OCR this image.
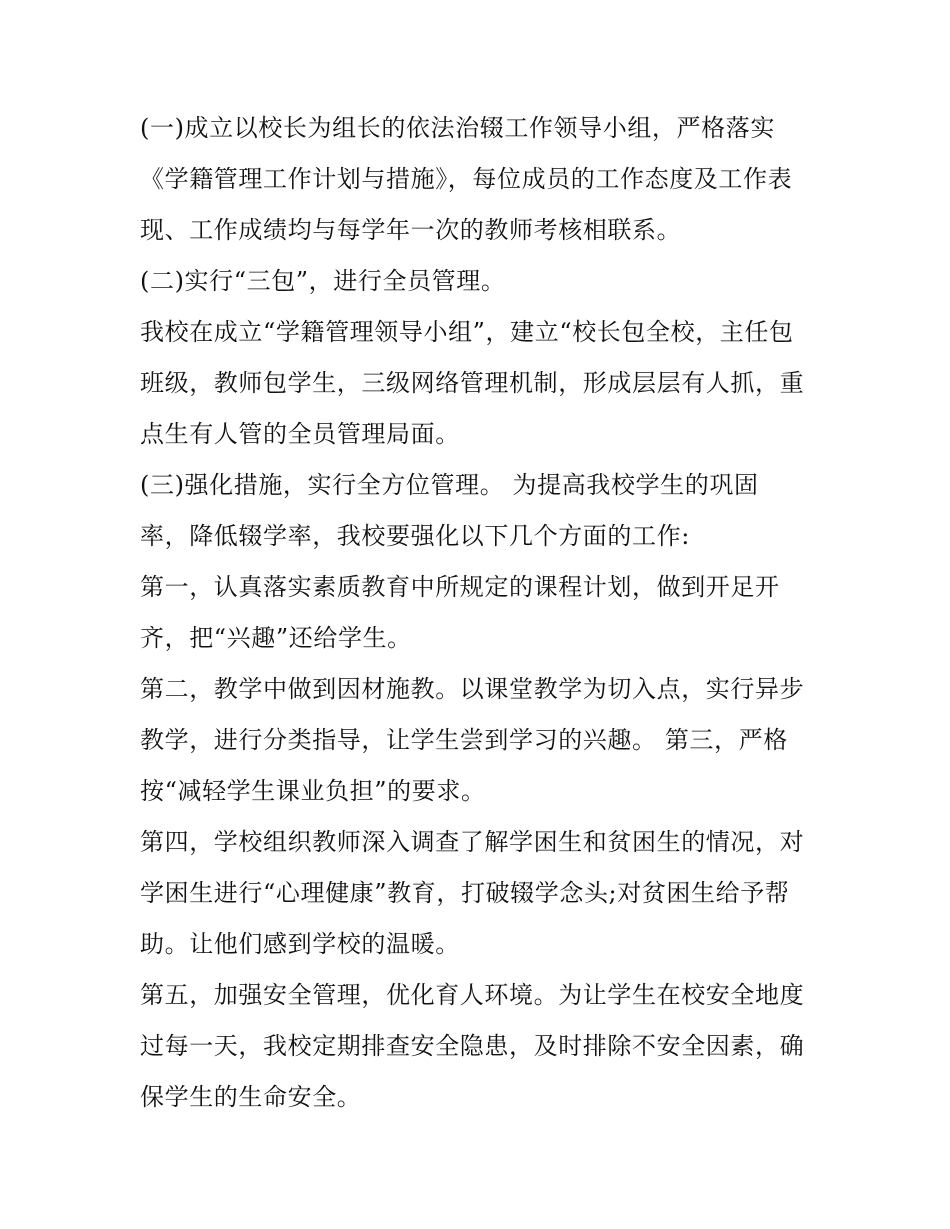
(一)成立以校长为组长的依法治辍工作领导小组，严格落实
《学籍管理工作计划与措施》，每位成员的工作态度及工作表
现、工作成绩均与每学年一次的教师考核相联系。
(二)实行“三包”，进行全员管理。
我校在成立“学籍管理领导小组”，建立“校长包全校，主任包
班级，教师包学生，三级网络管理机制，形成层层有人抓，重
点生有人管的全员管理局面。
(三)强化措施，实行全方位管理。 为提高我校学生的巩固
率，降低辍学率，我校要强化以下几个方面的工作:
第一，认真落实素质教育中所规定的课程计划，做到开足开
齐，把“兴趣”还给学生。
第二，教学中做到因材施教。以课堂教学为切入点，实行异步
教学，进行分类指导，让学生尝到学习的兴趣。 第三，严格
按“减轻学生课业负担”的要求。
第四，学校组织教师深入调查了解学困生和贫困生的情况，对
学困生进行“心理健康”教育，打破辍学念头;对贫困生给予帮
助。让他们感到学校的温暖。
第五，加强安全管理，优化育人环境。为让学生在校安全地度
过每一天，我校定期排查安全隐患，及时排除不安全因素，确
保学生的生命安全。
